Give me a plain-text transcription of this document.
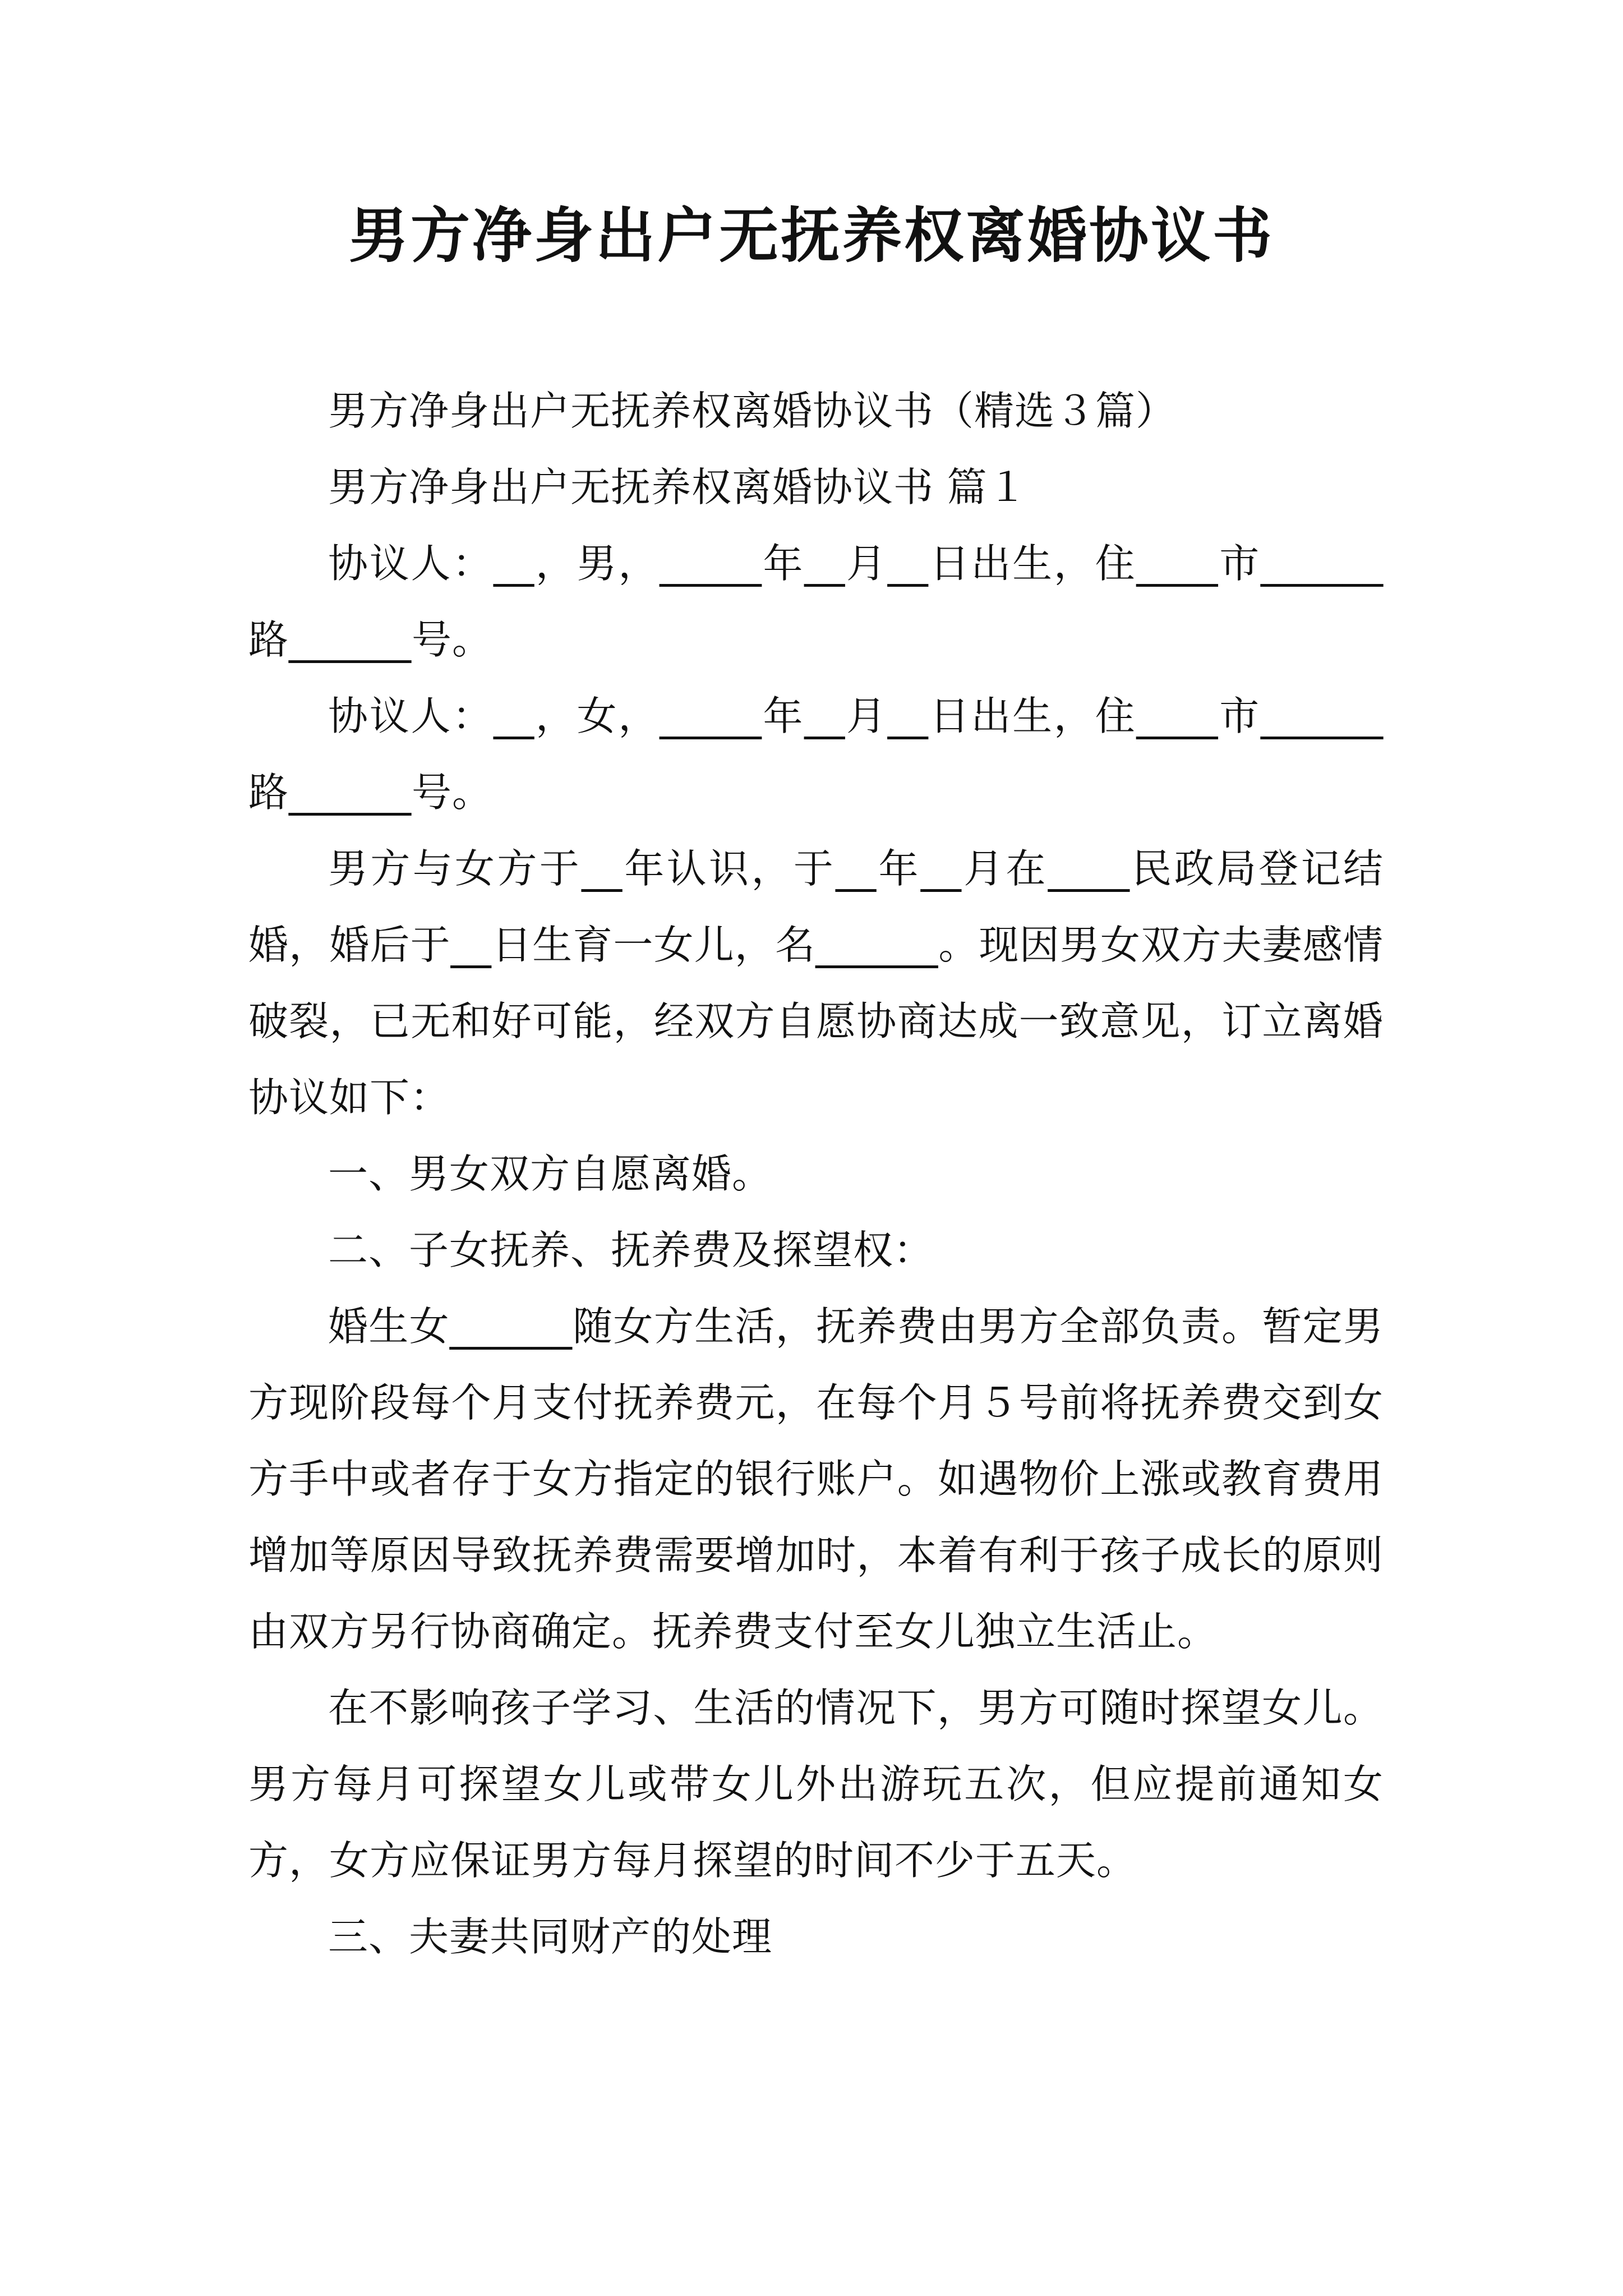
男方净身出户无抚养权离婚协议书

男方净身出户无抚养权离婚协议书（精选３篇）

男方净身出户无抚养权离婚协议书 篇１

协议人：__，男，_____年__月__日出生，住____市______路______号。

协议人：__，女，_____年__月__日出生，住____市______路______号。

男方与女方于__年认识，于__年__月在____民政局登记结婚，婚后于__日生育一女儿，名______。现因男女双方夫妻感情破裂，已无和好可能，经双方自愿协商达成一致意见，订立离婚协议如下：

一、男女双方自愿离婚。

二、子女抚养、抚养费及探望权：

婚生女______随女方生活，抚养费由男方全部负责。暂定男方现阶段每个月支付抚养费元，在每个月５号前将抚养费交到女方手中或者存于女方指定的银行账户。如遇物价上涨或教育费用增加等原因导致抚养费需要增加时，本着有利于孩子成长的原则由双方另行协商确定。抚养费支付至女儿独立生活止。

在不影响孩子学习、生活的情况下，男方可随时探望女儿。男方每月可探望女儿或带女儿外出游玩五次，但应提前通知女方，女方应保证男方每月探望的时间不少于五天。

三、夫妻共同财产的处理
